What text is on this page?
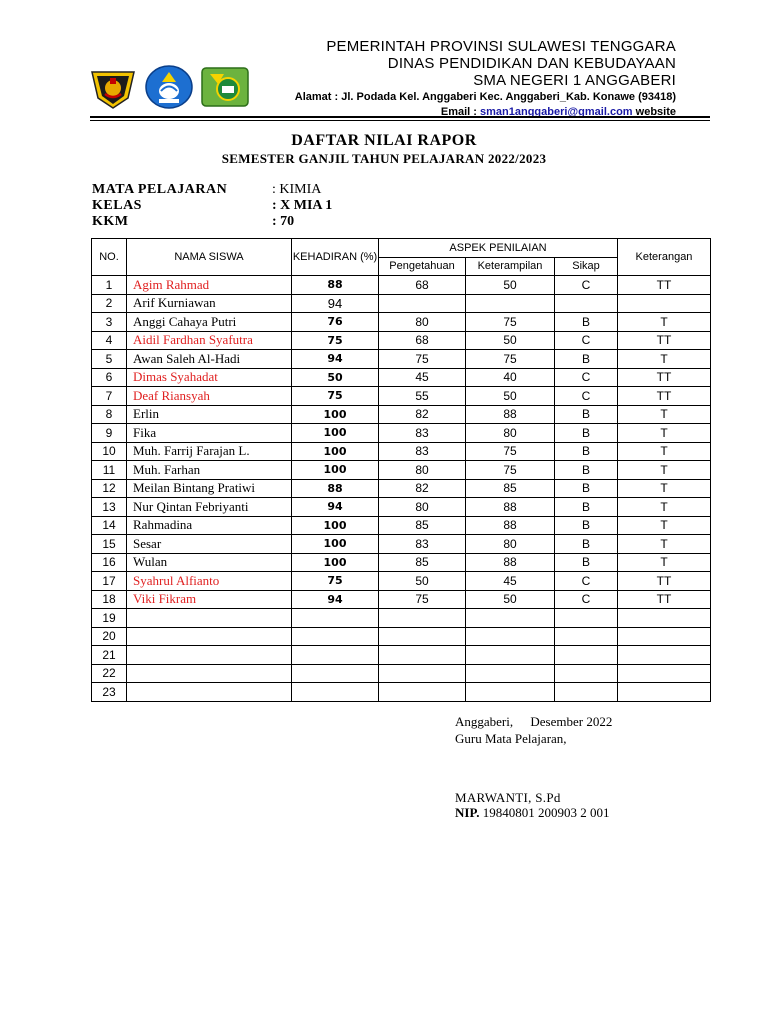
PEMERINTAH PROVINSI SULAWESI TENGGARA
DINAS PENDIDIKAN DAN KEBUDAYAAN
SMA NEGERI 1 ANGGABERI
Alamat : Jl. Podada Kel. Anggaberi Kec. Anggaberi_Kab. Konawe (93418)
Email : sman1anggaberi@gmail.com website
DAFTAR NILAI RAPOR
SEMESTER GANJIL TAHUN PELAJARAN 2022/2023
MATA PELAJARAN	: KIMIA
KELAS	: X MIA 1
KKM	: 70
NO.	NAMA SISWA	KEHADIRAN (%)	ASPEK PENILAIAN			Keterangan
			Pengetahuan	Keterampilan	Sikap	
1	Agim Rahmad	88	68	50	C	TT
2	Arif Kurniawan	94				
3	Anggi Cahaya Putri	76	80	75	B	T
4	Aidil Fardhan Syafutra	75	68	50	C	TT
5	Awan Saleh Al-Hadi	94	75	75	B	T
6	Dimas Syahadat	50	45	40	C	TT
7	Deaf Riansyah	75	55	50	C	TT
8	Erlin	100	82	88	B	T
9	Fika	100	83	80	B	T
10	Muh. Farrij Farajan L.	100	83	75	B	T
11	Muh. Farhan	100	80	75	B	T
12	Meilan Bintang Pratiwi	88	82	85	B	T
13	Nur Qintan Febriyanti	94	80	88	B	T
14	Rahmadina	100	85	88	B	T
15	Sesar	100	83	80	B	T
16	Wulan	100	85	88	B	T
17	Syahrul Alfianto	75	50	45	C	TT
18	Viki Fikram	94	75	50	C	TT
19						
20						
21						
22						
23						
Anggaberi, Desember 2022
Guru Mata Pelajaran,
MARWANTI, S.Pd
NIP. 19840801 200903 2 001
